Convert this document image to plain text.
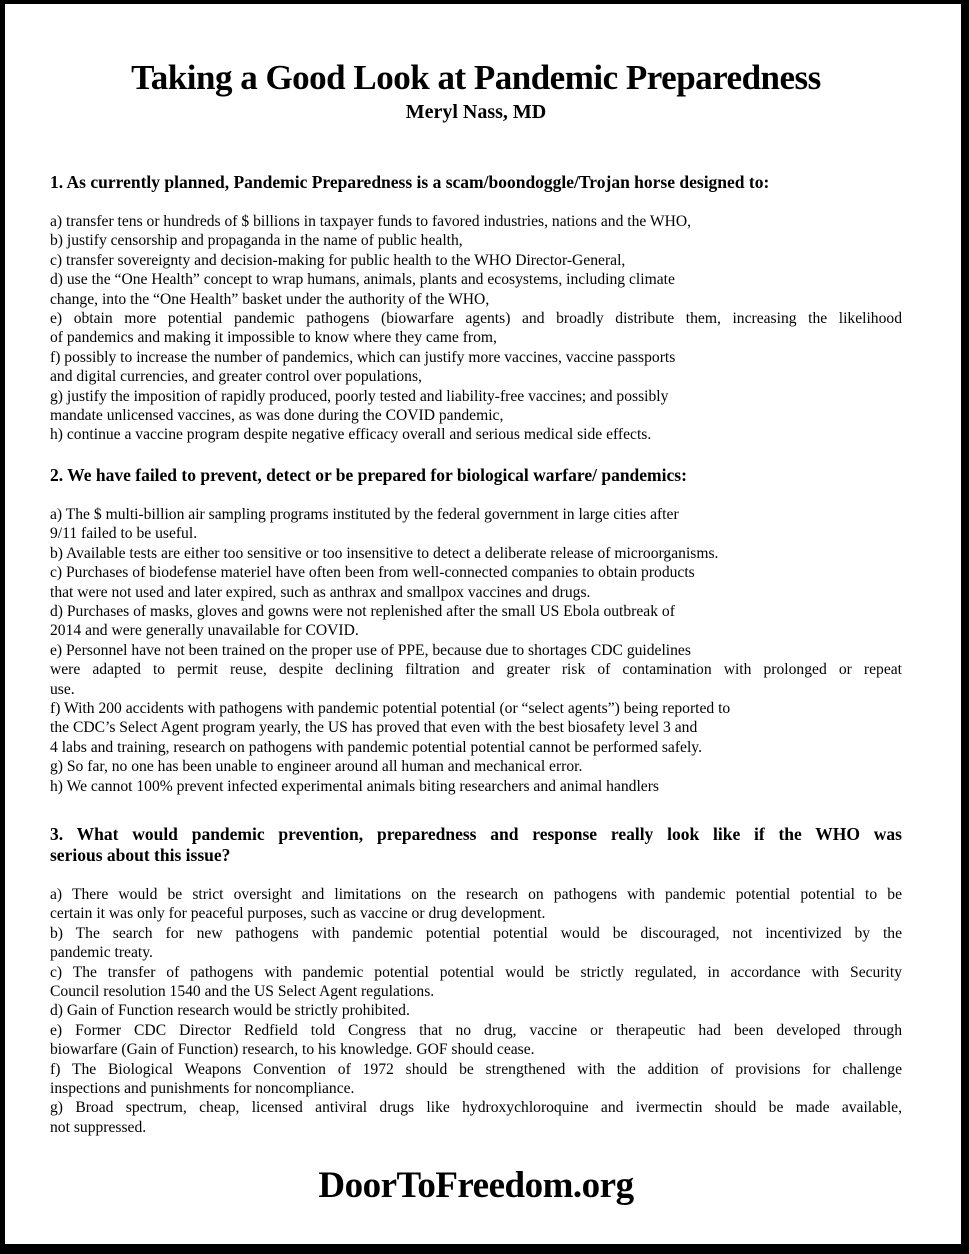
Taking a Good Look at Pandemic Preparedness
Meryl Nass, MD
1. As currently planned, Pandemic Preparedness is a scam/boondoggle/Trojan horse designed to:
a) transfer tens or hundreds of $ billions in taxpayer funds to favored industries, nations and the WHO,
b) justify censorship and propaganda in the name of public health,
c) transfer sovereignty and decision-making for public health to the WHO Director-General,
d) use the “One Health” concept to wrap humans, animals, plants and ecosystems, including climate
change, into the “One Health” basket under the authority of the WHO,
e) obtain more potential pandemic pathogens (biowarfare agents) and broadly distribute them, increasing the likelihood
of pandemics and making it impossible to know where they came from,
f) possibly to increase the number of pandemics, which can justify more vaccines, vaccine passports
and digital currencies, and greater control over populations,
g) justify the imposition of rapidly produced, poorly tested and liability-free vaccines; and possibly
mandate unlicensed vaccines, as was done during the COVID pandemic,
h) continue a vaccine program despite negative efficacy overall and serious medical side effects.
2. We have failed to prevent, detect or be prepared for biological warfare/ pandemics:
a) The $ multi-billion air sampling programs instituted by the federal government in large cities after
9/11 failed to be useful.
b) Available tests are either too sensitive or too insensitive to detect a deliberate release of microorganisms.
c) Purchases of biodefense materiel have often been from well-connected companies to obtain products
that were not used and later expired, such as anthrax and smallpox vaccines and drugs.
d) Purchases of masks, gloves and gowns were not replenished after the small US Ebola outbreak of
2014 and were generally unavailable for COVID.
e) Personnel have not been trained on the proper use of PPE, because due to shortages CDC guidelines
were adapted to permit reuse, despite declining filtration and greater risk of contamination with prolonged or repeat
use.
f) With 200 accidents with pathogens with pandemic potential potential (or “select agents”) being reported to
the CDC’s Select Agent program yearly, the US has proved that even with the best biosafety level 3 and
4 labs and training, research on pathogens with pandemic potential potential cannot be performed safely.
g) So far, no one has been unable to engineer around all human and mechanical error.
h) We cannot 100% prevent infected experimental animals biting researchers and animal handlers
3. What would pandemic prevention, preparedness and response really look like if the WHO was
serious about this issue?
a) There would be strict oversight and limitations on the research on pathogens with pandemic potential potential to be
certain it was only for peaceful purposes, such as vaccine or drug development.
b) The search for new pathogens with pandemic potential potential would be discouraged, not incentivized by the
pandemic treaty.
c) The transfer of pathogens with pandemic potential potential would be strictly regulated, in accordance with Security
Council resolution 1540 and the US Select Agent regulations.
d) Gain of Function research would be strictly prohibited.
e) Former CDC Director Redfield told Congress that no drug, vaccine or therapeutic had been developed through
biowarfare (Gain of Function) research, to his knowledge. GOF should cease.
f) The Biological Weapons Convention of 1972 should be strengthened with the addition of provisions for challenge
inspections and punishments for noncompliance.
g) Broad spectrum, cheap, licensed antiviral drugs like hydroxychloroquine and ivermectin should be made available,
not suppressed.
DoorToFreedom.org
